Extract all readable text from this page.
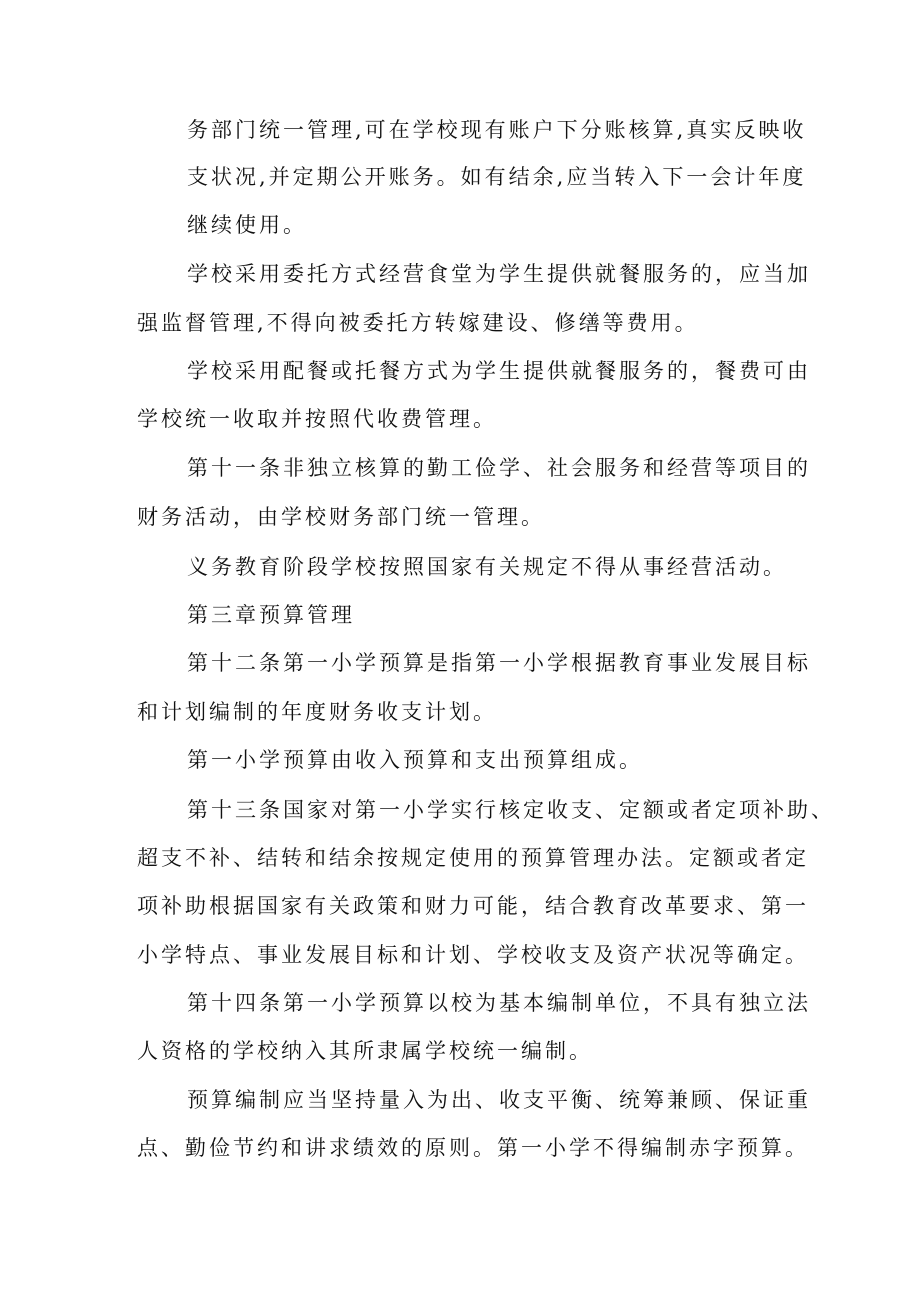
务部门统一管理,可在学校现有账户下分账核算,真实反映收
支状况,并定期公开账务。如有结余,应当转入下一会计年度
继续使用。
学校采用委托方式经营食堂为学生提供就餐服务的，应当加
强监督管理,不得向被委托方转嫁建设、修缮等费用。
学校采用配餐或托餐方式为学生提供就餐服务的，餐费可由
学校统一收取并按照代收费管理。
第十一条非独立核算的勤工俭学、社会服务和经营等项目的
财务活动，由学校财务部门统一管理。
义务教育阶段学校按照国家有关规定不得从事经营活动。
第三章预算管理
第十二条第一小学预算是指第一小学根据教育事业发展目标
和计划编制的年度财务收支计划。
第一小学预算由收入预算和支出预算组成。
第十三条国家对第一小学实行核定收支、定额或者定项补助、
超支不补、结转和结余按规定使用的预算管理办法。定额或者定
项补助根据国家有关政策和财力可能，结合教育改革要求、第一
小学特点、事业发展目标和计划、学校收支及资产状况等确定。
第十四条第一小学预算以校为基本编制单位，不具有独立法
人资格的学校纳入其所隶属学校统一编制。
预算编制应当坚持量入为出、收支平衡、统筹兼顾、保证重
点、勤俭节约和讲求绩效的原则。第一小学不得编制赤字预算。
